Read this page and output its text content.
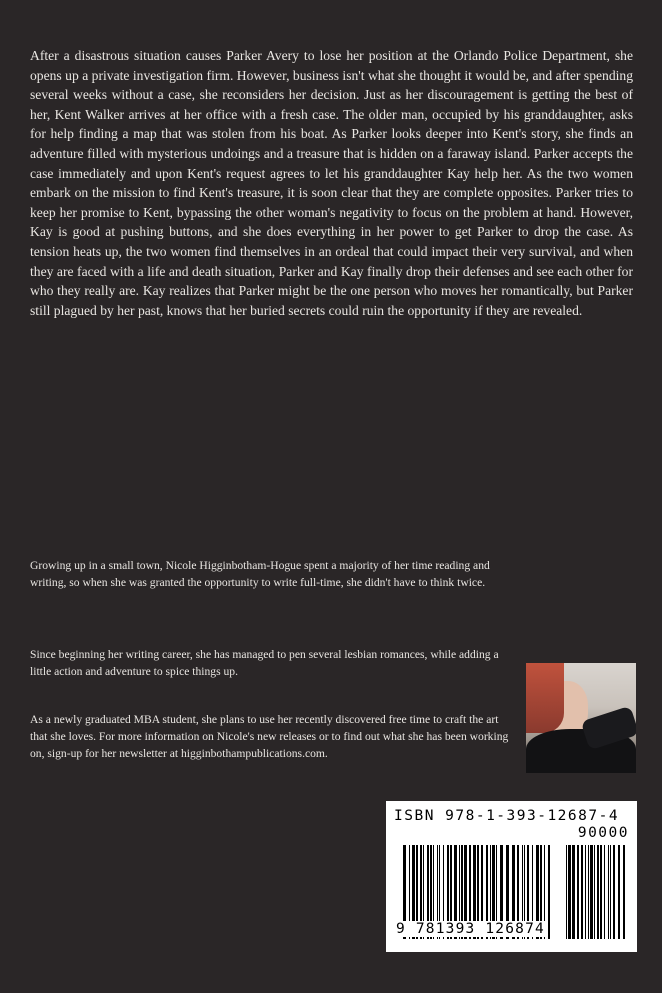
After a disastrous situation causes Parker Avery to lose her position at the Orlando Police Department, she opens up a private investigation firm. However, business isn't what she thought it would be, and after spending several weeks without a case, she reconsiders her decision. Just as her discouragement is getting the best of her, Kent Walker arrives at her office with a fresh case. The older man, occupied by his granddaughter, asks for help finding a map that was stolen from his boat. As Parker looks deeper into Kent's story, she finds an adventure filled with mysterious undoings and a treasure that is hidden on a faraway island. Parker accepts the case immediately and upon Kent's request agrees to let his granddaughter Kay help her. As the two women embark on the mission to find Kent's treasure, it is soon clear that they are complete opposites. Parker tries to keep her promise to Kent, bypassing the other woman's negativity to focus on the problem at hand. However, Kay is good at pushing buttons, and she does everything in her power to get Parker to drop the case. As tension heats up, the two women find themselves in an ordeal that could impact their very survival, and when they are faced with a life and death situation, Parker and Kay finally drop their defenses and see each other for who they really are. Kay realizes that Parker might be the one person who moves her romantically, but Parker still plagued by her past, knows that her buried secrets could ruin the opportunity if they are revealed.

Growing up in a small town, Nicole Higginbotham-Hogue spent a majority of her time reading and writing, so when she was granted the opportunity to write full-time, she didn't have to think twice.

Since beginning her writing career, she has managed to pen several lesbian romances, while adding a little action and adventure to spice things up.

As a newly graduated MBA student, she plans to use her recently discovered free time to craft the art that she loves. For more information on Nicole's new releases or to find out what she has been working on, sign-up for her newsletter at higginbothampublications.com.

ISBN 978-1-393-12687-4
90000
9 781393 126874
